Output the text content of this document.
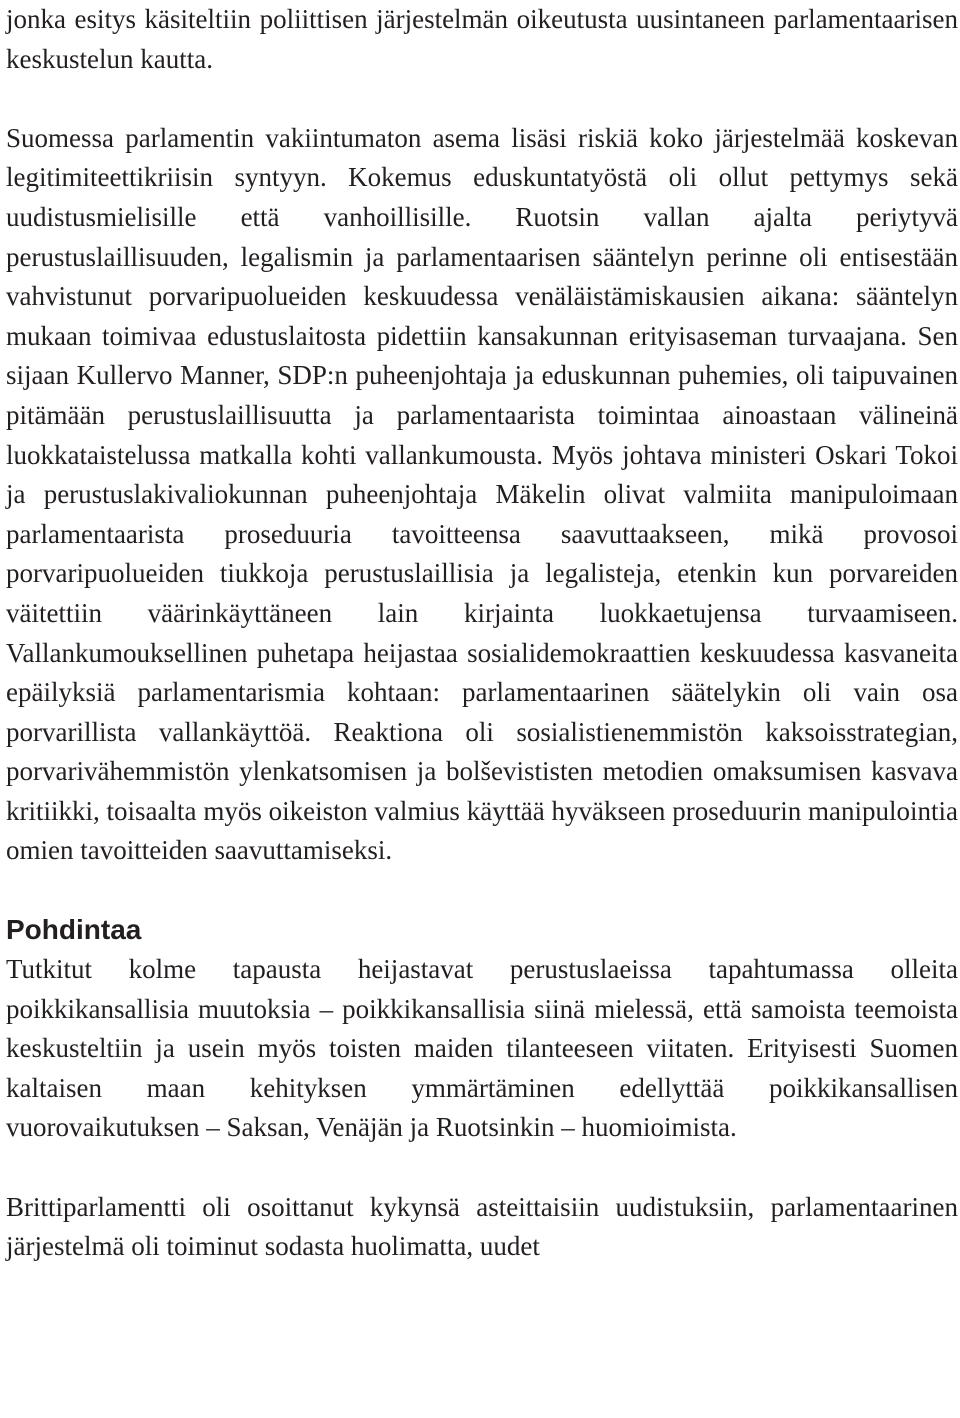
jonka esitys käsiteltiin poliittisen järjestelmän oikeutusta uusintaneen parlamentaarisen keskustelun kautta.

Suomessa parlamentin vakiintumaton asema lisäsi riskiä koko järjestelmää koskevan legitimiteettikriisin syntyyn. Kokemus eduskuntatyöstä oli ollut pettymys sekä uudistusmielisille että vanhoillisille. Ruotsin vallan ajalta periytyvä perustuslaillisuuden, legalismin ja parlamentaarisen sääntelyn perinne oli entisestään vahvistunut porvaripuolueiden keskuudessa venäläistämiskausien aikana: sääntelyn mukaan toimivaa edustuslaitosta pidettiin kansakunnan erityisaseman turvaajana. Sen sijaan Kullervo Manner, SDP:n puheenjohtaja ja eduskunnan puhemies, oli taipuvainen pitämään perustuslaillisuutta ja parlamentaarista toimintaa ainoastaan välineinä luokkataistelussa matkalla kohti vallankumousta. Myös johtava ministeri Oskari Tokoi ja perustuslakivaliokunnan puheenjohtaja Mäkelin olivat valmiita manipuloimaan parlamentaarista proseduuria tavoitteensa saavuttaakseen, mikä provosoi porvaripuolueiden tiukkoja perustuslaillisia ja legalisteja, etenkin kun porvareiden väitettiin väärinkäyttäneen lain kirjainta luokkaetujensa turvaamiseen. Vallankumouksellinen puhetapa heijastaa sosialidemokraattien keskuudessa kasvaneita epäilyksiä parlamentarismia kohtaan: parlamentaarinen säätelykin oli vain osa porvarillista vallankäyttöä. Reaktiona oli sosialistienemmistön kaksoisstrategian, porvarivähemmistön ylenkatsomisen ja bolševististen metodien omaksumisen kasvava kritiikki, toisaalta myös oikeiston valmius käyttää hyväkseen proseduurin manipulointia omien tavoitteiden saavuttamiseksi.

Pohdintaa

Tutkitut kolme tapausta heijastavat perustuslaeissa tapahtumassa olleita poikkikansallisia muutoksia – poikkikansallisia siinä mielessä, että samoista teemoista keskusteltiin ja usein myös toisten maiden tilanteeseen viitaten. Erityisesti Suomen kaltaisen maan kehityksen ymmärtäminen edellyttää poikkikansallisen vuorovaikutuksen – Saksan, Venäjän ja Ruotsinkin – huomioimista.

Brittiparlamentti oli osoittanut kykynsä asteittaisiin uudistuksiin, parlamentaarinen järjestelmä oli toiminut sodasta huolimatta, uudet
